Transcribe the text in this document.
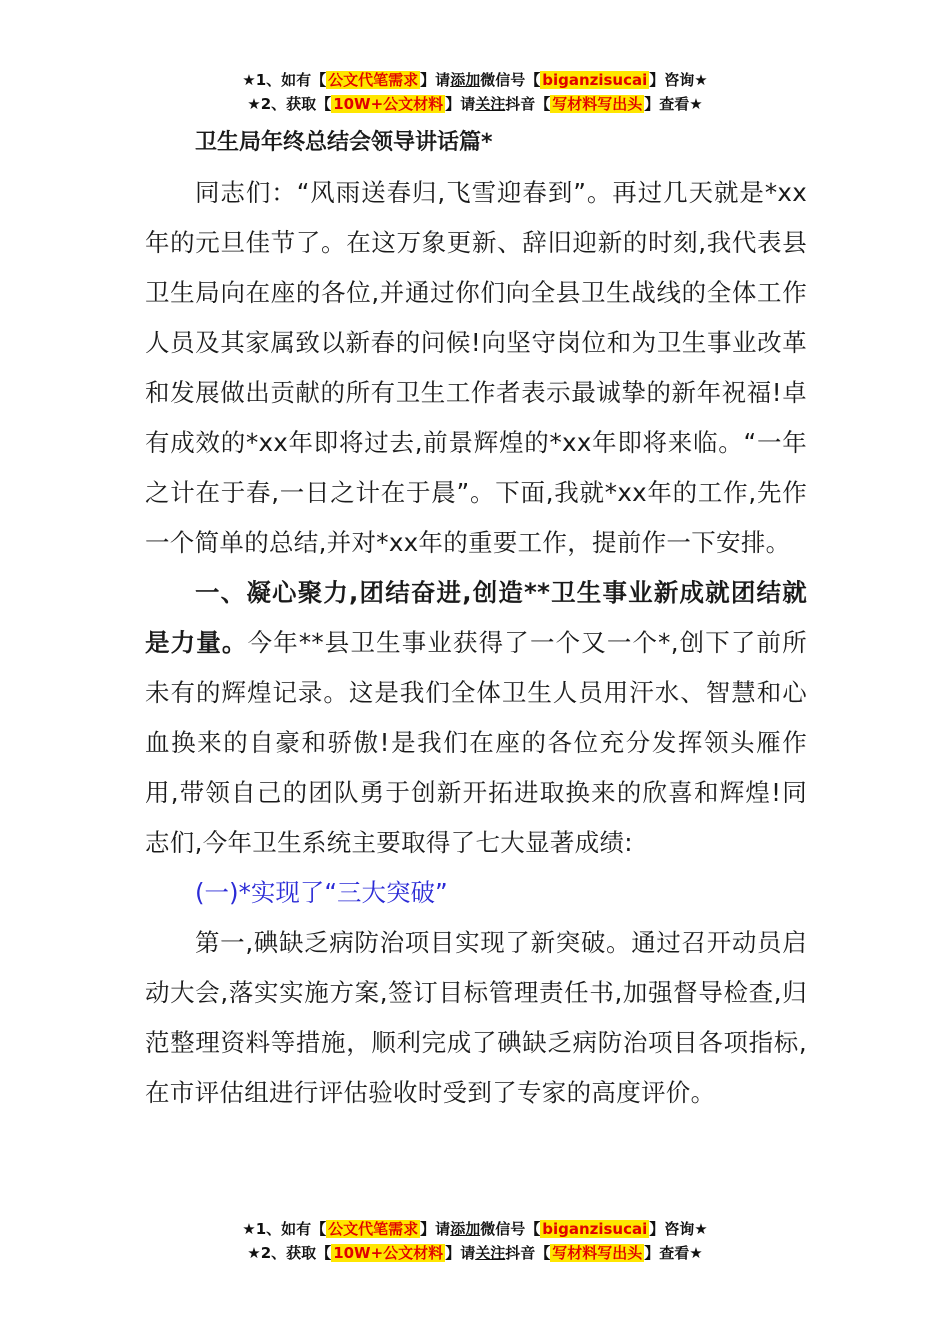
★1、如有【 公文代笔需求 】请添加微信号【 biganzisucai 】咨询★
★2、获取【 10W+公文材料 】请关注抖音【 写材料写出头 】查看★

卫生局年终总结会领导讲话篇*

同志们：“风雨送春归,飞雪迎春到”。再过几天就是*xx年的元旦佳节了。在这万象更新、辞旧迎新的时刻,我代表县卫生局向在座的各位,并通过你们向全县卫生战线的全体工作人员及其家属致以新春的问候!向坚守岗位和为卫生事业改革和发展做出贡献的所有卫生工作者表示最诚挚的新年祝福!卓有成效的*xx年即将过去,前景辉煌的*xx年即将来临。“一年之计在于春,一日之计在于晨”。下面,我就*xx年的工作,先作一个简单的总结,并对*xx年的重要工作，提前作一下安排。

一、凝心聚力,团结奋进,创造**卫生事业新成就团结就是力量。今年**县卫生事业获得了一个又一个*,创下了前所未有的辉煌记录。这是我们全体卫生人员用汗水、智慧和心血换来的自豪和骄傲!是我们在座的各位充分发挥领头雁作用,带领自己的团队勇于创新开拓进取换来的欣喜和辉煌!同志们,今年卫生系统主要取得了七大显著成绩:

(一)*实现了“三大突破”

第一,碘缺乏病防治项目实现了新突破。通过召开动员启动大会,落实实施方案,签订目标管理责任书,加强督导检查,归范整理资料等措施，顺利完成了碘缺乏病防治项目各项指标,在市评估组进行评估验收时受到了专家的高度评价。

★1、如有【 公文代笔需求 】请添加微信号【 biganzisucai 】咨询★
★2、获取【 10W+公文材料 】请关注抖音【 写材料写出头 】查看★
